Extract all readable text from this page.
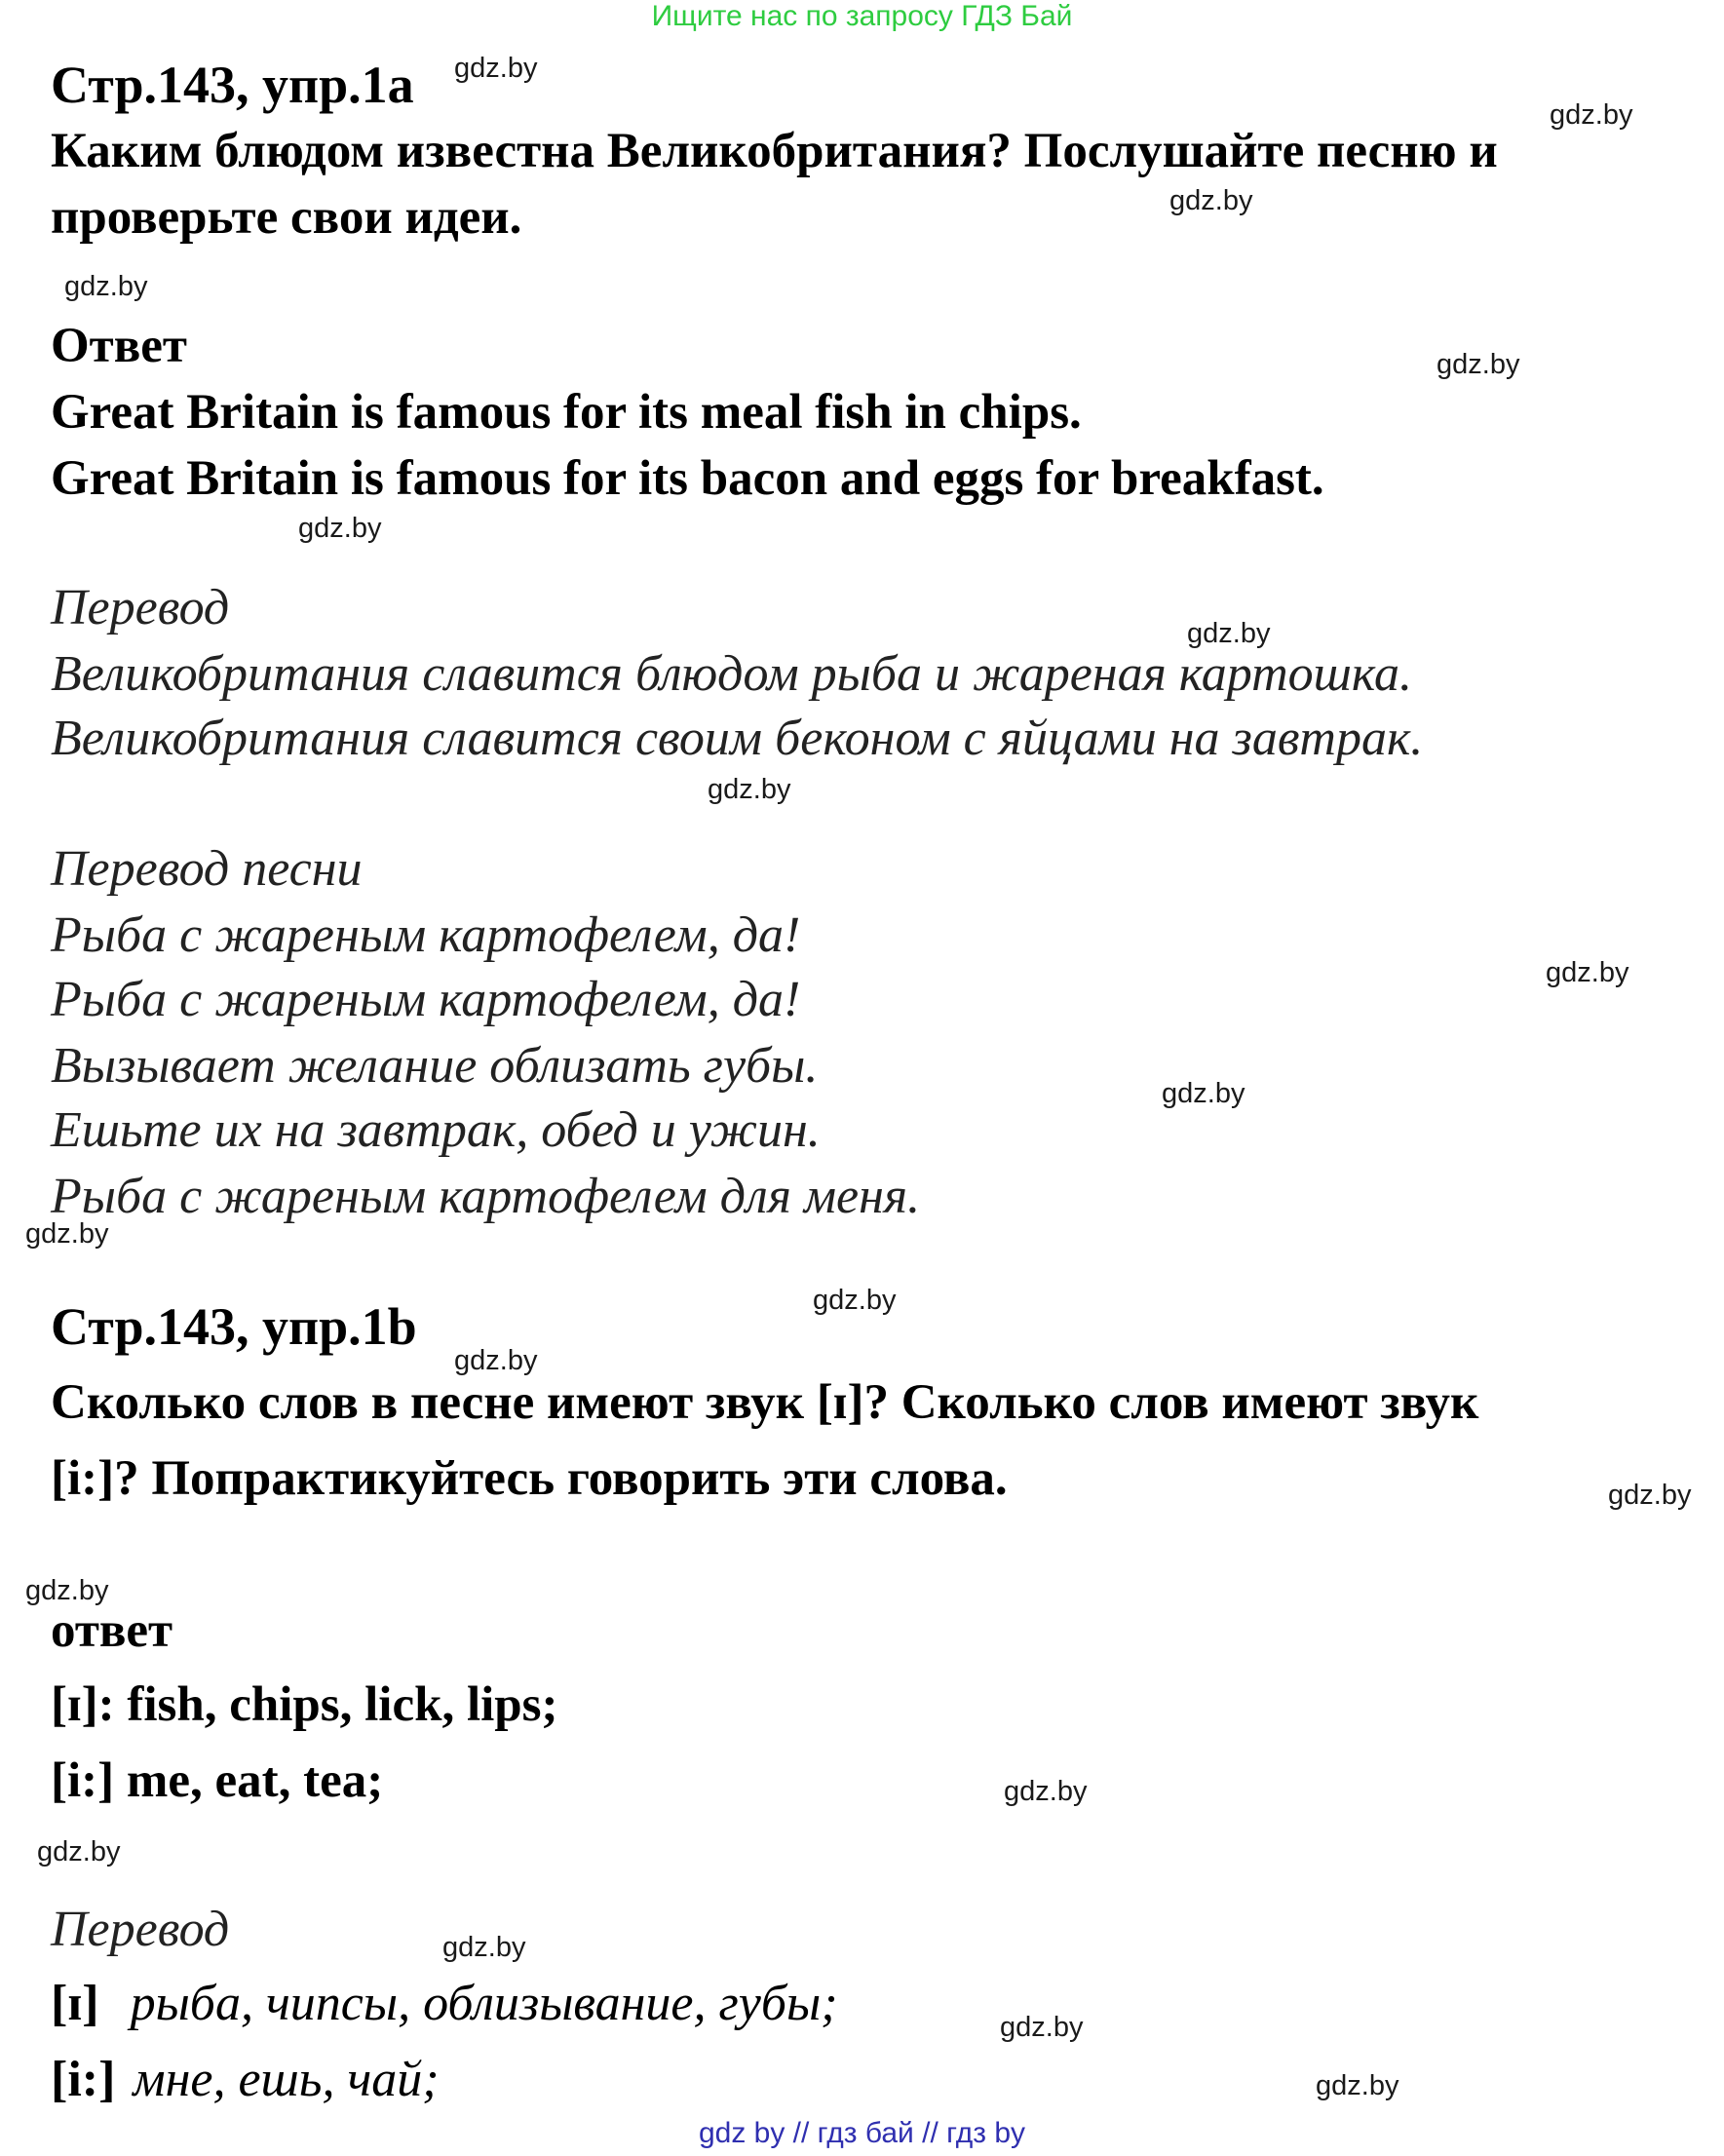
Ищите нас по запросу ГДЗ Бай
Стр.143, упр.1а
Каким блюдом известна Великобритания? Послушайте песню и
проверьте свои идеи.
Ответ
Great Britain is famous for its meal fish in chips.
Great Britain is famous for its bacon and eggs for breakfast.
Перевод
Великобритания славится блюдом рыба и жареная картошка.
Великобритания славится своим беконом с яйцами на завтрак.
Перевод песни
Рыба с жареным картофелем, да!
Рыба с жареным картофелем, да!
Вызывает желание облизать губы.
Ешьте их на завтрак, обед и ужин.
Рыба с жареным картофелем для меня.
Стр.143, упр.1b
Сколько слов в песне имеют звук [ɪ]? Сколько слов имеют звук
[i:]? Попрактикуйтесь говорить эти слова.
ответ
[ɪ]: fish, chips, lick, lips;
[i:] me, eat, tea;
Перевод
[ɪ] рыба, чипсы, облизывание, губы;
[i:] мне, ешь, чай;
gdz.by
gdz.by
gdz.by
gdz.by
gdz.by
gdz.by
gdz.by
gdz.by
gdz.by
gdz.by
gdz.by
gdz.by
gdz.by
gdz.by
gdz.by
gdz.by
gdz.by
gdz.by
gdz.by
gdz.by
gdz by // гдз бай // гдз by
